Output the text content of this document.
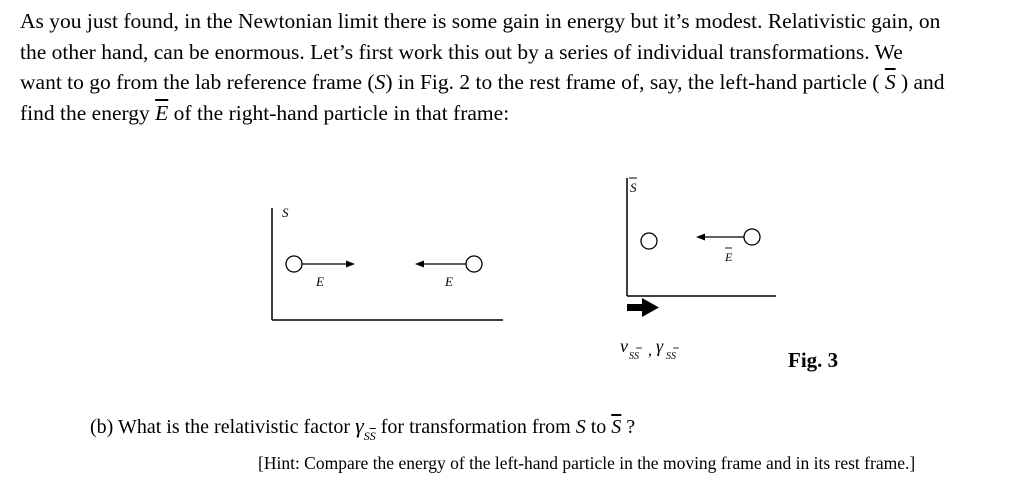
As you just found, in the Newtonian limit there is some gain in energy but it’s modest. Relativistic gain, on
the other hand, can be enormous. Let’s first work this out by a series of individual transformations. We
want to go from the lab reference frame (S) in Fig. 2 to the rest frame of, say, the left-hand particle ( $\overline{S}$ ) and
find the energy $\overline{E}$ of the right-hand particle in that frame:
S
E	E
S
E
v
SS , γ
SS	Fig. 3
(b) What is the relativistic factor $\gamma_{S\overline{S}}$ for transformation from S to $\overline{S}$ ?
[Hint: Compare the energy of the left-hand particle in the moving frame and in its rest frame.]
